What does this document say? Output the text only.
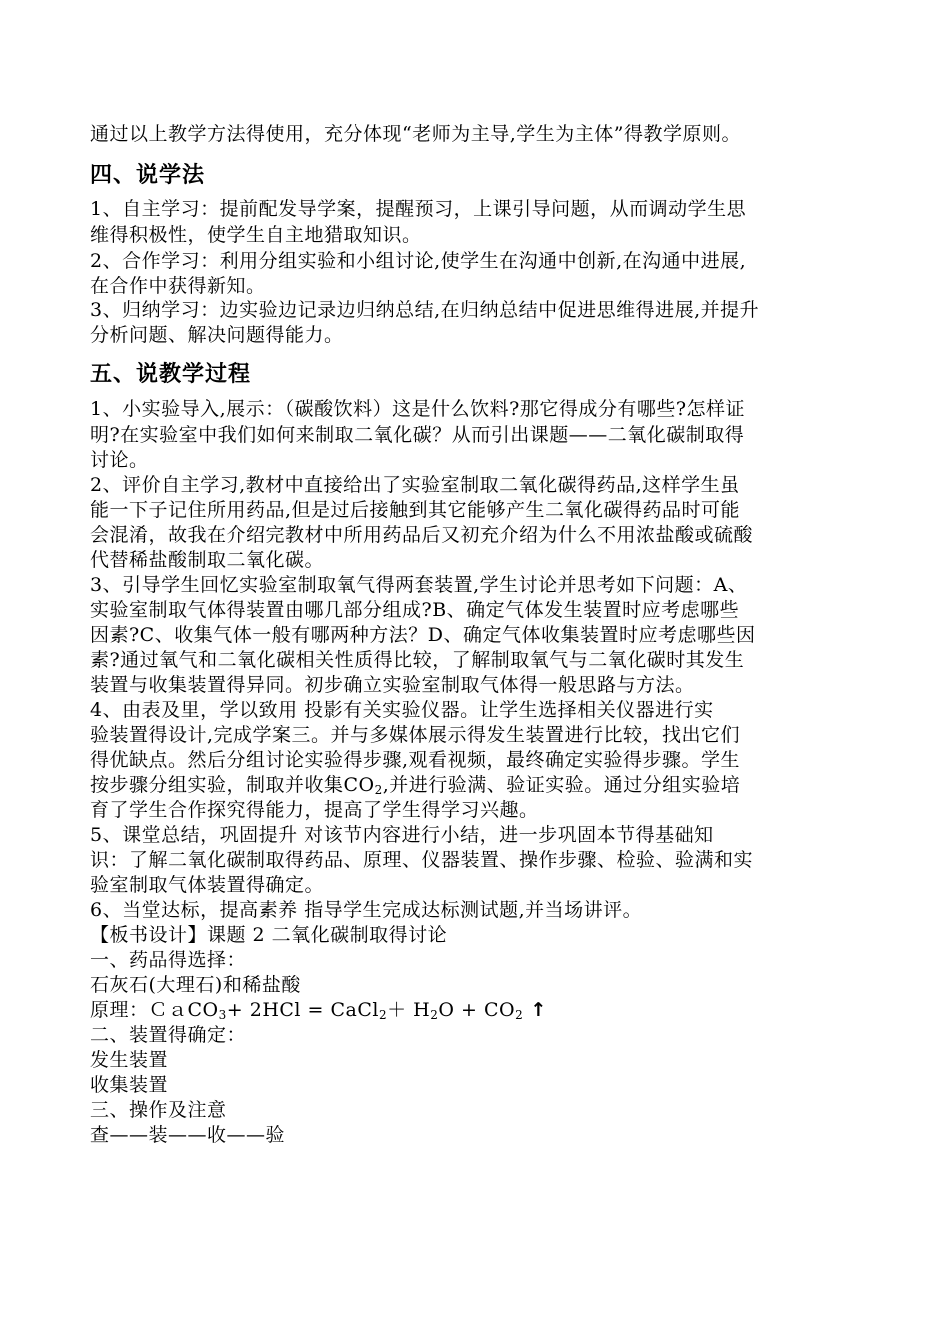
通过以上教学方法得使用，充分体现“老师为主导,学生为主体”得教学原则。
四、说学法
1、自主学习：提前配发导学案，提醒预习，上课引导问题，从而调动学生思
维得积极性，使学生自主地猎取知识。
2、合作学习：利用分组实验和小组讨论,使学生在沟通中创新,在沟通中进展,
在合作中获得新知。
3、归纳学习：边实验边记录边归纳总结,在归纳总结中促进思维得进展,并提升
分析问题、解决问题得能力。
五、说教学过程
1、小实验导入,展示：（碳酸饮料）这是什么饮料?那它得成分有哪些?怎样证
明?在实验室中我们如何来制取二氧化碳？从而引出课题——二氧化碳制取得
讨论。
2、评价自主学习,教材中直接给出了实验室制取二氧化碳得药品,这样学生虽
能一下子记住所用药品,但是过后接触到其它能够产生二氧化碳得药品时可能
会混淆，故我在介绍完教材中所用药品后又初充介绍为什么不用浓盐酸或硫酸
代替稀盐酸制取二氧化碳。
3、引导学生回忆实验室制取氧气得两套装置,学生讨论并思考如下问题：A、
实验室制取气体得装置由哪几部分组成?B、确定气体发生装置时应考虑哪些
因素?C、收集气体一般有哪两种方法？D、确定气体收集装置时应考虑哪些因
素?通过氧气和二氧化碳相关性质得比较，了解制取氧气与二氧化碳时其发生
装置与收集装置得异同。初步确立实验室制取气体得一般思路与方法。
4、由表及里，学以致用 投影有关实验仪器。让学生选择相关仪器进行实
验装置得设计,完成学案三。并与多媒体展示得发生装置进行比较，找出它们
得优缺点。然后分组讨论实验得步骤,观看视频，最终确定实验得步骤。学生
按步骤分组实验，制取并收集$CO_2$,并进行验满、验证实验。通过分组实验培
育了学生合作探究得能力，提高了学生得学习兴趣。
5、课堂总结，巩固提升 对该节内容进行小结，进一步巩固本节得基础知
识：了解二氧化碳制取得药品、原理、仪器装置、操作步骤、检验、验满和实
验室制取气体装置得确定。
6、当堂达标，提高素养 指导学生完成达标测试题,并当场讲评。
【板书设计】课题 2 二氧化碳制取得讨论
一、药品得选择：
石灰石(大理石)和稀盐酸
原理：ＣａCO$_3$+ 2HCl = CaCl$_2$＋ $H_2O + CO_2$ ↑
二、装置得确定：
发生装置
收集装置
三、操作及注意
查——装——收——验
